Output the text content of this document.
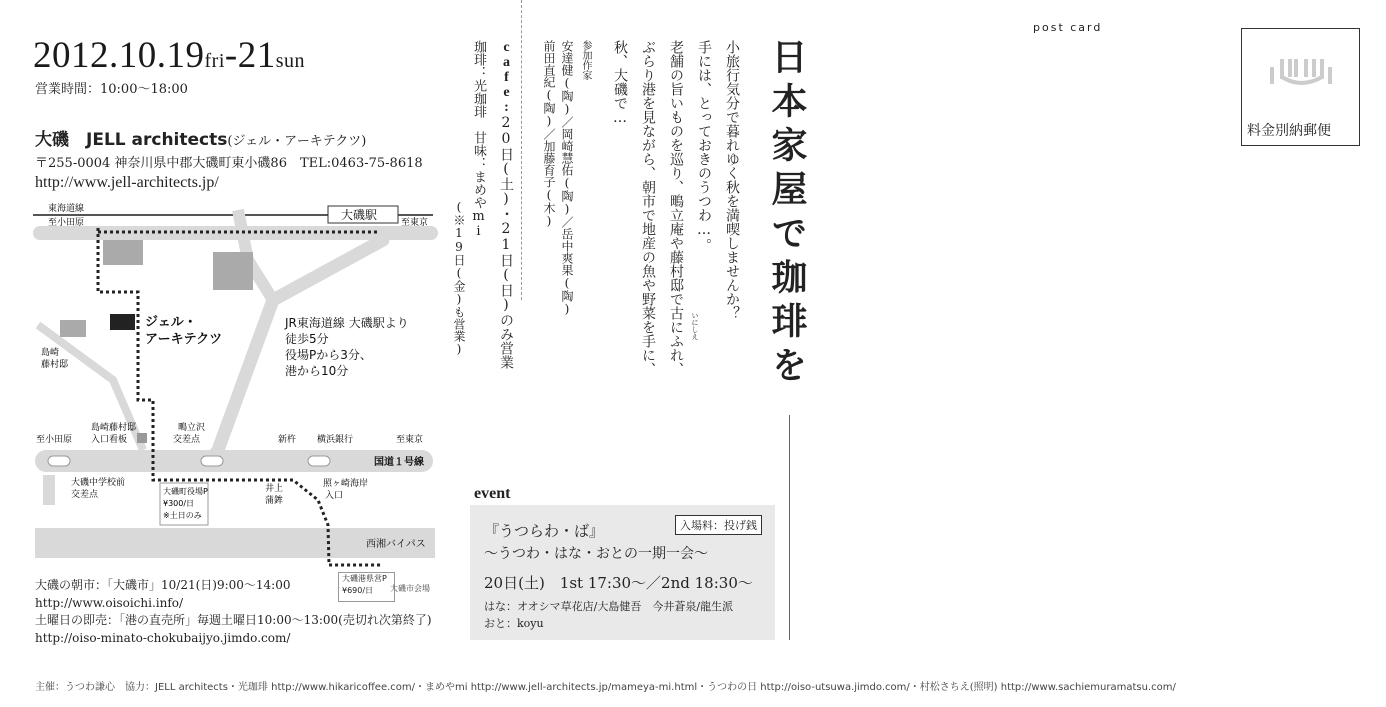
2012.10.19fri-21sun
営業時間：10:00～18:00
大磯　JELL architects(ジェル・アーキテクツ)
〒255-0004 神奈川県中郡大磯町東小磯86　TEL:0463-75-8618
http://www.jell-architects.jp/
東海道線
至小田原
大磯駅
至東京
ジェル・
アーキテクツ
JR東海道線 大磯駅より
徒歩5分
役場Pから3分、
港から10分
島崎
藤村邸
島崎藤村邸
入口看板
鴫立沢
交差点	新杵 横浜銀行
至小田原	至東京
国道１号線
大磯中学校前
交差点	大磯町役場P
¥300/日
※土日のみ
井上
蒲鉾
照ヶ崎海岸
入口
西湘バイパス
大磯港県営P
¥690/日	大磯市会場
大磯の朝市：「大磯市」10/21(日)9:00～14:00
http://www.oisoichi.info/
土曜日の即売：「港の直売所」毎週土曜日10:00～13:00(売切れ次第終了)
http://oiso-minato-chokubaijyo.jimdo.com/
主催：うつわ謙心　協力：JELL architects・光珈琲 http://www.hikaricoffee.com/・まめやmi http://www.jell-architects.jp/mameya-mi.html・うつわの日 http://oiso-utsuwa.jimdo.com/・村松さちえ(照明) http://www.sachiemuramatsu.com/
cafe:20日(土)・21日(日)のみ営業
珈琲：光珈琲　甘味：まめやmi
(※19日(金)も営業)
参加作家
安達健(陶)／岡崎慧佑(陶)／岳中爽果(陶)
前田直紀(陶)／加藤育子(木)	小旅行気分で暮れゆく秋を満喫しませんか？
手には、とっておきのうつわ…。
老舗の旨いものを巡り、鴫立庵や藤村邸で古にふれ、
ぶらり港を見ながら、朝市で地産の魚や野菜を手に、
秋、大磯で…
いにしえ 日本家屋で珈琲を
event
『うつらわ・ば』	入場料：投げ銭
～うつわ・はな・おとの一期一会～
20日(土)　1st 17:30～／2nd 18:30～
はな：オオシマ草花店/大島健吾　今井蒼泉/龍生派
おと：koyu
post card
料金別納郵便
